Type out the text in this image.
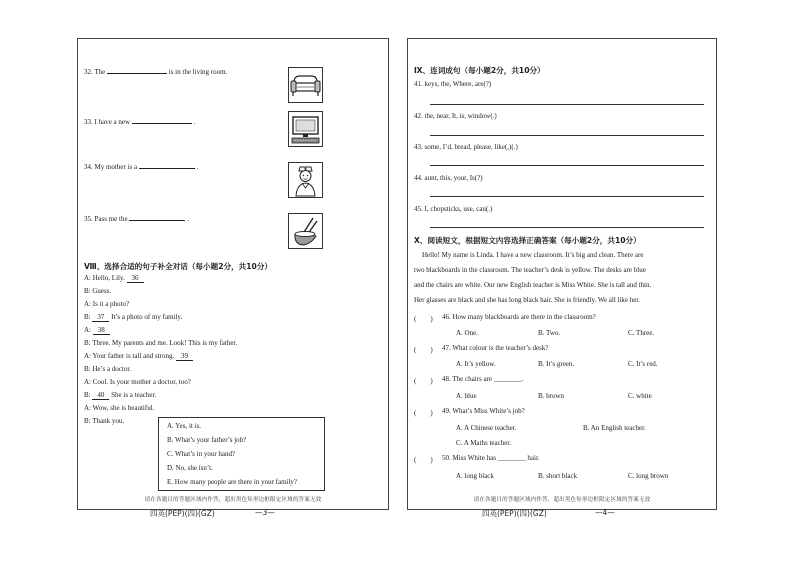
32. The	is in the living room.
33. I have a new	.
34. My mother is a	.
35. Pass me the	.
Ⅷ、选择合适的句子补全对话（每小题2分，共10分）
A: Hello, Lily. 36
B: Guess.
A: Is it a photo?
B: 37 It’s a photo of my family.
A: 38
B: Three. My parents and me. Look! This is my father.
A: Your father is tall and strong. 39
B: He’s a doctor.
A: Cool. Is your mother a doctor, too?
B: 40 She is a teacher.
A: Wow, she is beautiful.
B: Thank you.
A. Yes, it is.
B. What’s your father’s job?
C. What’s in your hand?
D. No, she isn’t.
E. How many people are there in your family?
请在各题目的答题区域内作答，超出黑色矩形边框限定区域的答案无效
四英(PEP)(四)(GZ)	—3—
Ⅸ、连词成句（每小题2分，共10分）
41. keys, the, Where, are(?)
42. the, near, It, is, window(.)
43. some, I’d, bread, please, like(,)(.)
44. aunt, this, your, Is(?)
45. I, chopsticks, use, can(.)
Ⅹ、阅读短文，根据短文内容选择正确答案（每小题2分，共10分）
Hello! My name is Linda. I have a new classroom. It’s big and clean. There are
two blackboards in the classroom. The teacher’s desk is yellow. The desks are blue
and the chairs are white. Our new English teacher is Miss White. She is tall and thin.
Her glasses are black and she has long black hair. She is friendly. We all like her.
(　　) 46. How many blackboards are there in the classroom?
A. One.	B. Two.	C. Three.
(　　) 47. What colour is the teacher’s desk?
A. It’s yellow.	B. It’s green.	C. It’s red.
(　　) 48. The chairs are ________.
A. blue	B. brown	C. white
(　　) 49. What’s Miss White’s job?
A. A Chinese teacher.	B. An English teacher.
C. A Maths teacher.
(　　) 50. Miss White has ________ hair.
A. long black	B. short black	C. long brown
请在各题目的答题区域内作答，超出黑色矩形边框限定区域的答案无效
四英(PEP)(四)(GZ)	—4—
